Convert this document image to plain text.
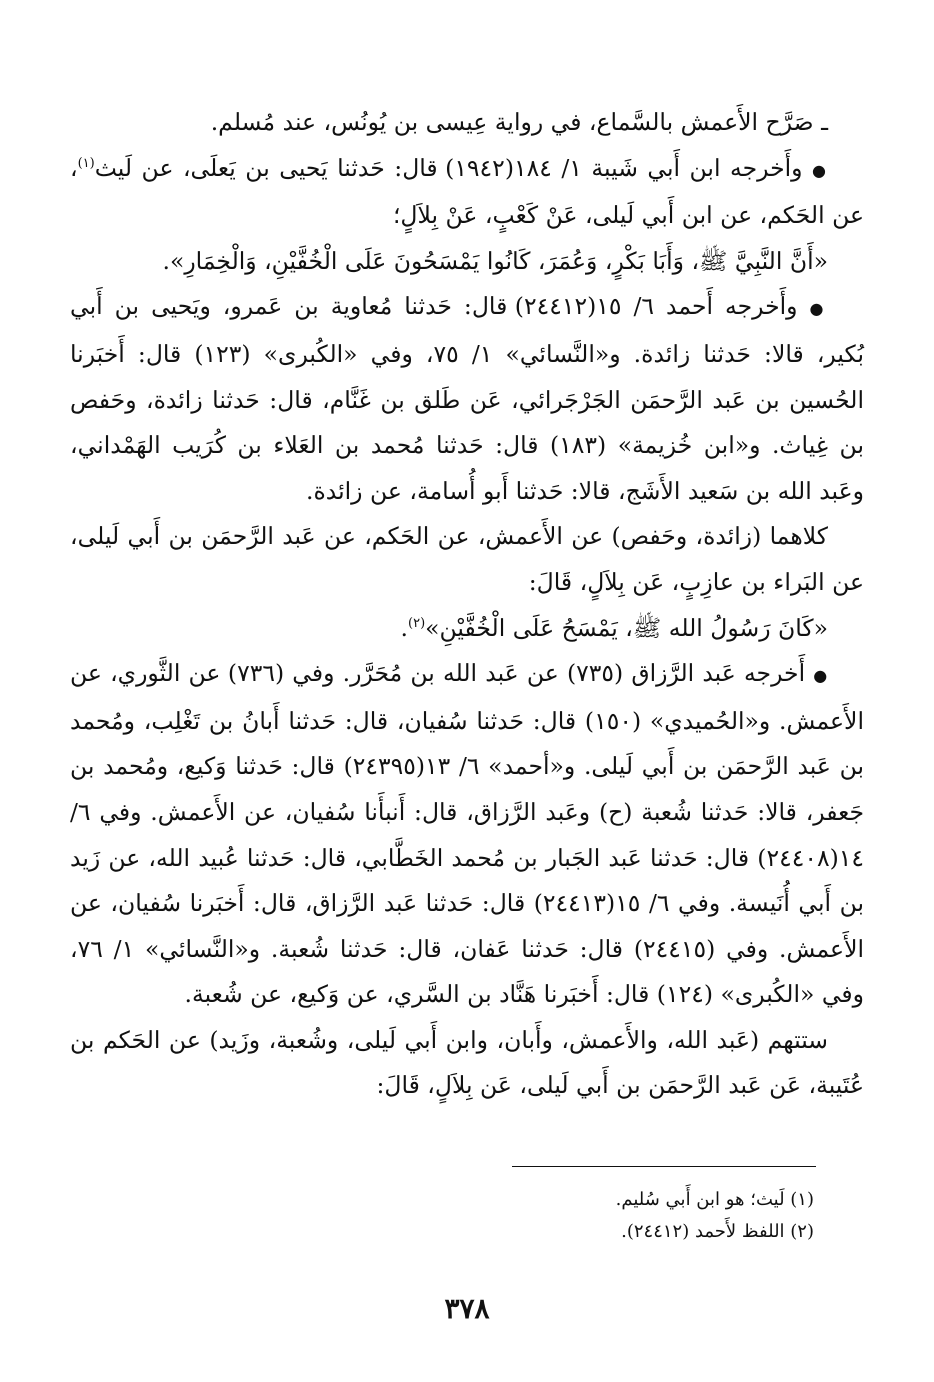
ـ صَرَّح الأَعمش بالسَّماع، في رواية عِيسى بن يُونُس، عند مُسلم.

● وأَخرجه ابن أَبي شَيبة ١/ ١٨٤(١٩٤٢) قال: حَدثنا يَحيى بن يَعلَى، عن لَيث$^{(١)}$، عن الحَكم، عن ابن أَبي لَيلى، عَنْ كَعْبٍ، عَنْ بِلاَلٍ؛

«أَنَّ النَّبِيَّ ﷺ، وَأَبَا بَكْرٍ، وَعُمَرَ، كَانُوا يَمْسَحُونَ عَلَى الْخُفَّيْنِ، وَالْخِمَارِ».

● وأَخرجه أَحمد ٦/ ١٥(٢٤٤١٢) قال: حَدثنا مُعاوية بن عَمرو، ويَحيى بن أَبي بُكير، قالا: حَدثنا زائدة. و«النَّسائي» ١/ ٧٥، وفي «الكُبرى» (١٢٣) قال: أَخبَرنا الحُسين بن عَبد الرَّحمَن الجَرْجَرائي، عَن طَلق بن غَنَّام، قال: حَدثنا زائدة، وحَفص بن غِياث. و«ابن خُزيمة» (١٨٣) قال: حَدثنا مُحمد بن العَلاء بن كُرَيب الهَمْداني، وعَبد الله بن سَعيد الأَشَج، قالا: حَدثنا أَبو أُسامة، عن زائدة.

كلاهما (زائدة، وحَفص) عن الأَعمش، عن الحَكم، عن عَبد الرَّحمَن بن أَبي لَيلى، عن البَراء بن عازِبٍ، عَن بِلاَلٍ، قَالَ:

«كَانَ رَسُولُ الله ﷺ، يَمْسَحُ عَلَى الْخُفَّيْنِ»$^{(٢)}$.

● أَخرجه عَبد الرَّزاق (٧٣٥) عن عَبد الله بن مُحَرَّر. وفي (٧٣٦) عن الثَّوري، عن الأَعمش. و«الحُميدي» (١٥٠) قال: حَدثنا سُفيان، قال: حَدثنا أَبانُ بن تَغْلِب، ومُحمد بن عَبد الرَّحمَن بن أَبي لَيلى. و«أحمد» ٦/ ١٣(٢٤٣٩٥) قال: حَدثنا وَكيع، ومُحمد بن جَعفر، قالا: حَدثنا شُعبة (ح) وعَبد الرَّزاق، قال: أَنبأَنا سُفيان، عن الأَعمش. وفي ٦/ ١٤(٢٤٤٠٨) قال: حَدثنا عَبد الجَبار بن مُحمد الخَطَّابي، قال: حَدثنا عُبيد الله، عن زَيد بن أَبي أُنَيسة. وفي ٦/ ١٥(٢٤٤١٣) قال: حَدثنا عَبد الرَّزاق، قال: أَخبَرنا سُفيان، عن الأَعمش. وفي (٢٤٤١٥) قال: حَدثنا عَفان، قال: حَدثنا شُعبة. و«النَّسائي» ١/ ٧٦، وفي «الكُبرى» (١٢٤) قال: أَخبَرنا هَنَّاد بن السَّري، عن وَكيع، عن شُعبة.

ستتهم (عَبد الله، والأَعمش، وأَبان، وابن أَبي لَيلى، وشُعبة، وزَيد) عن الحَكم بن عُتَيبة، عَن عَبد الرَّحمَن بن أَبي لَيلى، عَن بِلاَلٍ، قَالَ:

(١) لَيث؛ هو ابن أَبي سُليم.

(٢) اللفظ لأَحمد (٢٤٤١٢).

٣٧٨
